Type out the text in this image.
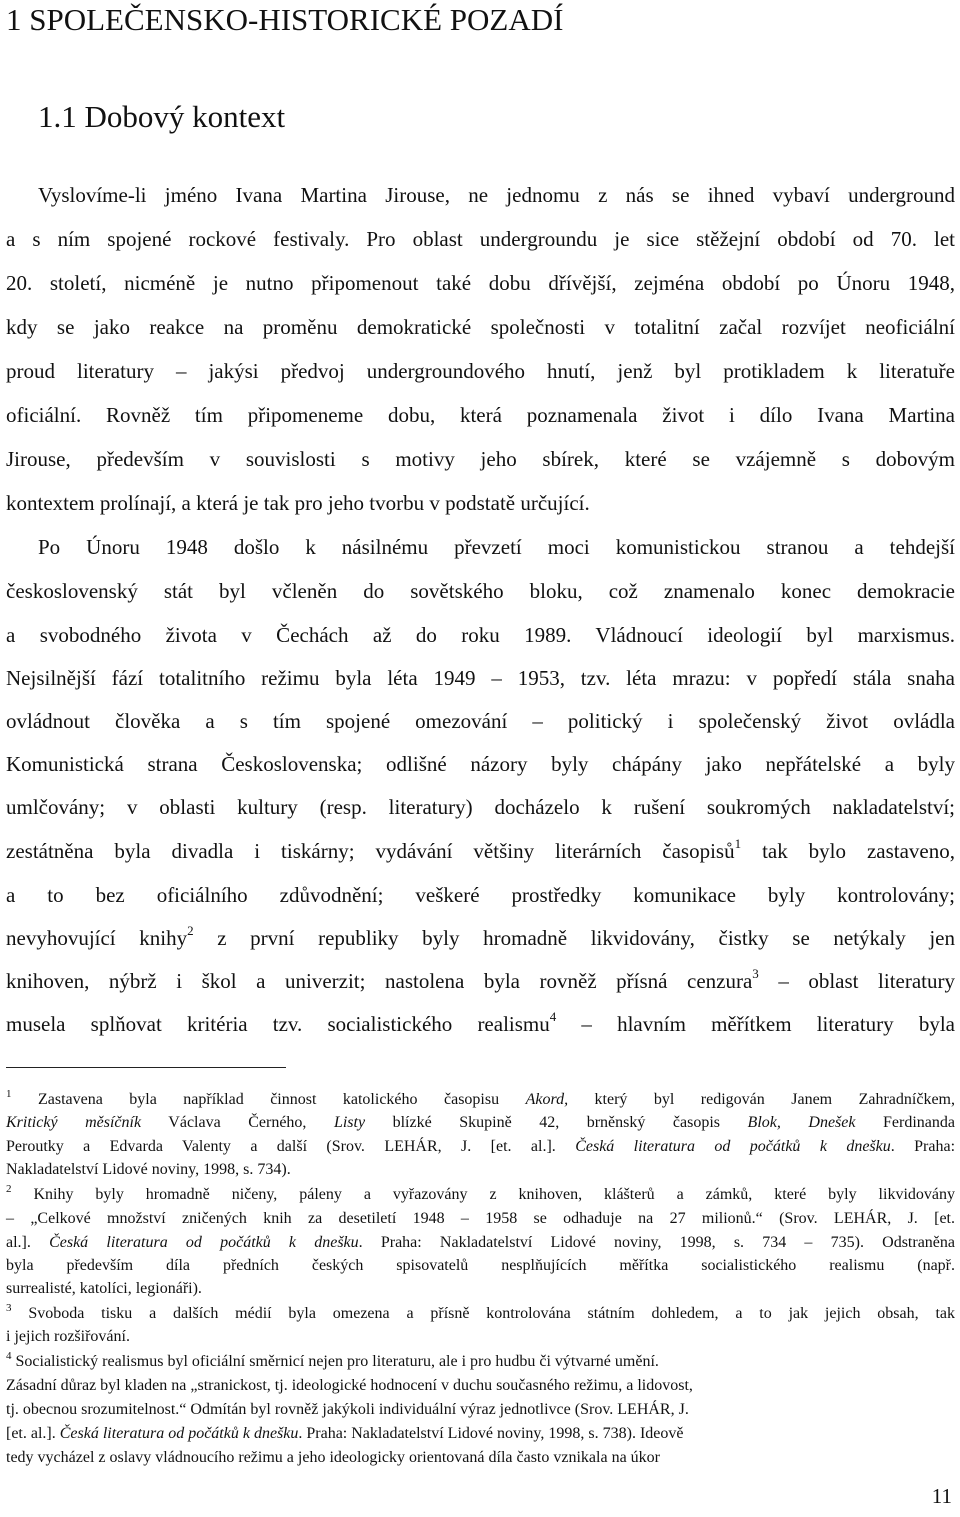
1 SPOLEČENSKO-HISTORICKÉ POZADÍ
1.1 Dobový kontext
Vyslovíme-li jméno Ivana Martina Jirouse, ne jednomu z nás se ihned vybaví underground
a s ním spojené rockové festivaly. Pro oblast undergroundu je sice stěžejní období od 70. let
20. století, nicméně je nutno připomenout také dobu dřívější, zejména období po Únoru 1948,
kdy se jako reakce na proměnu demokratické společnosti v totalitní začal rozvíjet neoficiální
proud literatury – jakýsi předvoj undergroundového hnutí, jenž byl protikladem k literatuře
oficiální. Rovněž tím připomeneme dobu, která poznamenala život i dílo Ivana Martina
Jirouse, především v souvislosti s motivy jeho sbírek, které se vzájemně s dobovým
kontextem prolínají, a která je tak pro jeho tvorbu v podstatě určující.
Po Únoru 1948 došlo k násilnému převzetí moci komunistickou stranou a tehdejší
československý stát byl včleněn do sovětského bloku, což znamenalo konec demokracie
a svobodného života v Čechách až do roku 1989. Vládnoucí ideologií byl marxismus.
Nejsilnější fází totalitního režimu byla léta 1949 – 1953, tzv. léta mrazu: v popředí stála snaha
ovládnout člověka a s tím spojené omezování – politický i společenský život ovládla
Komunistická strana Československa; odlišné názory byly chápány jako nepřátelské a byly
umlčovány; v oblasti kultury (resp. literatury) docházelo k rušení soukromých nakladatelství;
zestátněna byla divadla i tiskárny; vydávání většiny literárních časopisů$^1$ tak bylo zastaveno,
a to bez oficiálního zdůvodnění; veškeré prostředky komunikace byly kontrolovány;
nevyhovující knihy$^2$ z první republiky byly hromadně likvidovány, čistky se netýkaly jen
knihoven, nýbrž i škol a univerzit; nastolena byla rovněž přísná cenzura$^3$ – oblast literatury
musela splňovat kritéria tzv. socialistického realismu$^4$ – hlavním měřítkem literatury byla
$^1$ Zastavena byla například činnost katolického časopisu Akord, který byl redigován Janem Zahradníčkem,
Kritický měsíčník Václava Černého, Listy blízké Skupině 42, brněnský časopis Blok, Dnešek Ferdinanda
Peroutky a Edvarda Valenty a další (Srov. LEHÁR, J. [et. al.]. Česká literatura od počátků k dnešku. Praha:
Nakladatelství Lidové noviny, 1998, s. 734).
$^2$ Knihy byly hromadně ničeny, páleny a vyřazovány z knihoven, klášterů a zámků, které byly likvidovány
– „Celkové množství zničených knih za desetiletí 1948 – 1958 se odhaduje na 27 milionů.“ (Srov. LEHÁR, J. [et.
al.]. Česká literatura od počátků k dnešku. Praha: Nakladatelství Lidové noviny, 1998, s. 734 – 735). Odstraněna
byla především díla předních českých spisovatelů nesplňujících měřítka socialistického realismu (např.
surrealisté, katolíci, legionáři).
$^3$ Svoboda tisku a dalších médií byla omezena a přísně kontrolována státním dohledem, a to jak jejich obsah, tak
i jejich rozšiřování.
$^4$ Socialistický realismus byl oficiální směrnicí nejen pro literaturu, ale i pro hudbu či výtvarné umění.
Zásadní důraz byl kladen na „stranickost, tj. ideologické hodnocení v duchu současného režimu, a lidovost,
tj. obecnou srozumitelnost.“ Odmítán byl rovněž jakýkoli individuální výraz jednotlivce (Srov. LEHÁR, J.
[et. al.]. Česká literatura od počátků k dnešku. Praha: Nakladatelství Lidové noviny, 1998, s. 738). Ideově
tedy vycházel z oslavy vládnoucího režimu a jeho ideologicky orientovaná díla často vznikala na úkor
11
